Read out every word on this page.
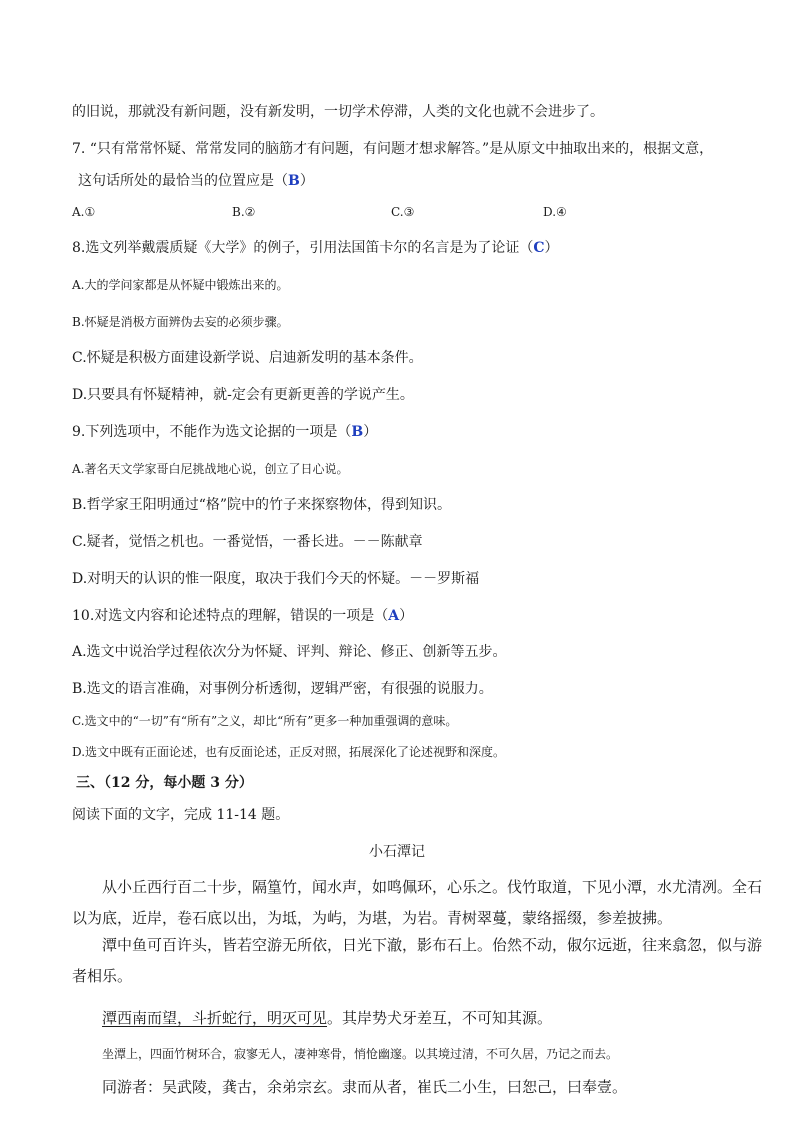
的旧说，那就没有新问题，没有新发明，一切学术停滞，人类的文化也就不会进步了。
7. “只有常常怀疑、常常发同的脑筋才有问题，有问题才想求解答。”是从原文中抽取出来的，根据文意，
这句话所处的最恰当的位置应是（B）
A.①	B.②	C.③	D.④
8.选文列举戴震质疑《大学》的例子，引用法国笛卡尔的名言是为了论证（C）
A.大的学问家都是从怀疑中锻炼出来的。
B.怀疑是消极方面辨伪去妄的必须步骤。
C.怀疑是积极方面建设新学说、启迪新发明的基本条件。
D.只要具有怀疑精神，就-定会有更新更善的学说产生。
9.下列选项中，不能作为选文论据的一项是（B）
A.著名天文学家哥白尼挑战地心说，创立了日心说。
B.哲学家王阳明通过“格”院中的竹子来探察物体，得到知识。
C.疑者，觉悟之机也。一番觉悟，一番长进。－－陈献章
D.对明天的认识的惟一限度，取决于我们今天的怀疑。－－罗斯福
10.对选文内容和论述特点的理解，错误的一项是（A）
A.选文中说治学过程依次分为怀疑、评判、辩论、修正、创新等五步。
B.选文的语言准确，对事例分析透彻，逻辑严密，有很强的说服力。
C.选文中的“一切”有“所有”之义，却比“所有”更多一种加重强调的意味。
D.选文中既有正面论述，也有反面论述，正反对照，拓展深化了论述视野和深度。
三、（12 分，每小题 3 分）
阅读下面的文字，完成 11-14 题。
小石潭记
从小丘西行百二十步，隔篁竹，闻水声，如鸣佩环，心乐之。伐竹取道，下见小潭，水尤清冽。全石
以为底，近岸，卷石底以出，为坻，为屿，为堪，为岩。青树翠蔓，蒙络摇缀，参差披拂。
潭中鱼可百许头，皆若空游无所依，日光下澈，影布石上。佁然不动，俶尔远逝，往来翕忽，似与游
者相乐。
潭西南而望，斗折蛇行，明灭可见。其岸势犬牙差互，不可知其源。
坐潭上，四面竹树环合，寂寥无人，凄神寒骨，悄怆幽邃。以其境过清，不可久居，乃记之而去。
同游者：吴武陵，龚古，余弟宗玄。隶而从者，崔氏二小生，曰恕己，曰奉壹。
